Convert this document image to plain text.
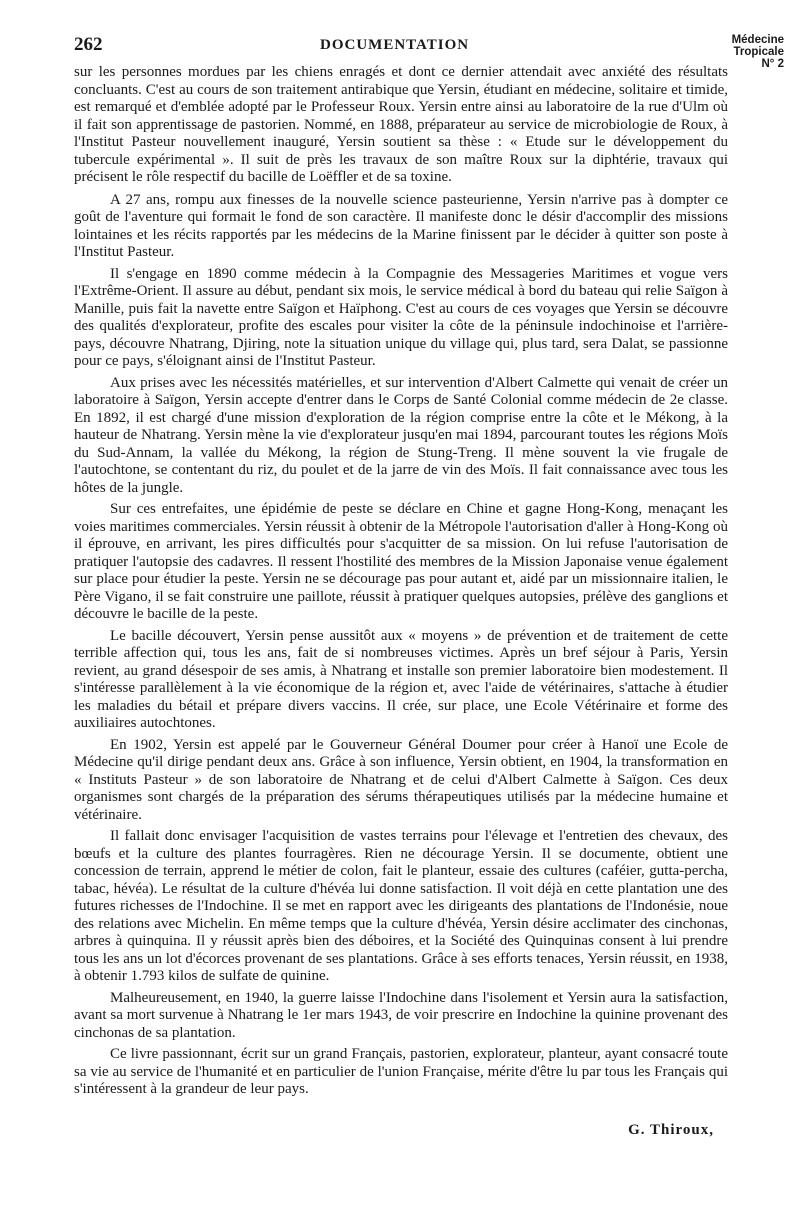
262	DOCUMENTATION	Médecine
Tropicale
N° 2

sur les personnes mordues par les chiens enragés et dont ce dernier attendait avec anxiété des résultats concluants. C'est au cours de son traitement antirabique que Yersin, étudiant en médecine, solitaire et timide, est remarqué et d'emblée adopté par le Professeur Roux. Yersin entre ainsi au laboratoire de la rue d'Ulm où il fait son apprentissage de pastorien. Nommé, en 1888, préparateur au service de microbiologie de Roux, à l'Institut Pasteur nouvellement inauguré, Yersin soutient sa thèse : « Etude sur le développement du tubercule expérimental ». Il suit de près les travaux de son maître Roux sur la diphtérie, travaux qui précisent le rôle respectif du bacille de Loëffler et de sa toxine.

A 27 ans, rompu aux finesses de la nouvelle science pasteurienne, Yersin n'arrive pas à dompter ce goût de l'aventure qui formait le fond de son caractère. Il manifeste donc le désir d'accomplir des missions lointaines et les récits rapportés par les médecins de la Marine finissent par le décider à quitter son poste à l'Institut Pasteur.

Il s'engage en 1890 comme médecin à la Compagnie des Messageries Maritimes et vogue vers l'Extrême-Orient. Il assure au début, pendant six mois, le service médical à bord du bateau qui relie Saïgon à Manille, puis fait la navette entre Saïgon et Haïphong. C'est au cours de ces voyages que Yersin se découvre des qualités d'explorateur, profite des escales pour visiter la côte de la péninsule indochinoise et l'arrière-pays, découvre Nhatrang, Djiring, note la situation unique du village qui, plus tard, sera Dalat, se passionne pour ce pays, s'éloignant ainsi de l'Institut Pasteur.

Aux prises avec les nécessités matérielles, et sur intervention d'Albert Calmette qui venait de créer un laboratoire à Saïgon, Yersin accepte d'entrer dans le Corps de Santé Colonial comme médecin de 2e classe. En 1892, il est chargé d'une mission d'exploration de la région comprise entre la côte et le Mékong, à la hauteur de Nhatrang. Yersin mène la vie d'explorateur jusqu'en mai 1894, parcourant toutes les régions Moïs du Sud-Annam, la vallée du Mékong, la région de Stung-Treng. Il mène souvent la vie frugale de l'autochtone, se contentant du riz, du poulet et de la jarre de vin des Moïs. Il fait connaissance avec tous les hôtes de la jungle.

Sur ces entrefaites, une épidémie de peste se déclare en Chine et gagne Hong-Kong, menaçant les voies maritimes commerciales. Yersin réussit à obtenir de la Métropole l'autorisation d'aller à Hong-Kong où il éprouve, en arrivant, les pires difficultés pour s'acquitter de sa mission. On lui refuse l'autorisation de pratiquer l'autopsie des cadavres. Il ressent l'hostilité des membres de la Mission Japonaise venue également sur place pour étudier la peste. Yersin ne se décourage pas pour autant et, aidé par un missionnaire italien, le Père Vigano, il se fait construire une paillote, réussit à pratiquer quelques autopsies, prélève des ganglions et découvre le bacille de la peste.

Le bacille découvert, Yersin pense aussitôt aux « moyens » de prévention et de traitement de cette terrible affection qui, tous les ans, fait de si nombreuses victimes. Après un bref séjour à Paris, Yersin revient, au grand désespoir de ses amis, à Nhatrang et installe son premier laboratoire bien modestement. Il s'intéresse parallèlement à la vie économique de la région et, avec l'aide de vétérinaires, s'attache à étudier les maladies du bétail et prépare divers vaccins. Il crée, sur place, une Ecole Vétérinaire et forme des auxiliaires autochtones.

En 1902, Yersin est appelé par le Gouverneur Général Doumer pour créer à Hanoï une Ecole de Médecine qu'il dirige pendant deux ans. Grâce à son influence, Yersin obtient, en 1904, la transformation en « Instituts Pasteur » de son laboratoire de Nhatrang et de celui d'Albert Calmette à Saïgon. Ces deux organismes sont chargés de la préparation des sérums thérapeutiques utilisés par la médecine humaine et vétérinaire.

Il fallait donc envisager l'acquisition de vastes terrains pour l'élevage et l'entretien des chevaux, des bœufs et la culture des plantes fourragères. Rien ne décourage Yersin. Il se documente, obtient une concession de terrain, apprend le métier de colon, fait le planteur, essaie des cultures (caféier, gutta-percha, tabac, hévéa). Le résultat de la culture d'hévéa lui donne satisfaction. Il voit déjà en cette plantation une des futures richesses de l'Indochine. Il se met en rapport avec les dirigeants des plantations de l'Indonésie, noue des relations avec Michelin. En même temps que la culture d'hévéa, Yersin désire acclimater des cinchonas, arbres à quinquina. Il y réussit après bien des déboires, et la Société des Quinquinas consent à lui prendre tous les ans un lot d'écorces provenant de ses plantations. Grâce à ses efforts tenaces, Yersin réussit, en 1938, à obtenir 1.793 kilos de sulfate de quinine.

Malheureusement, en 1940, la guerre laisse l'Indochine dans l'isolement et Yersin aura la satisfaction, avant sa mort survenue à Nhatrang le 1er mars 1943, de voir prescrire en Indochine la quinine provenant des cinchonas de sa plantation.

Ce livre passionnant, écrit sur un grand Français, pastorien, explorateur, planteur, ayant consacré toute sa vie au service de l'humanité et en particulier de l'union Française, mérite d'être lu par tous les Français qui s'intéressent à la grandeur de leur pays.

G. Thiroux,
